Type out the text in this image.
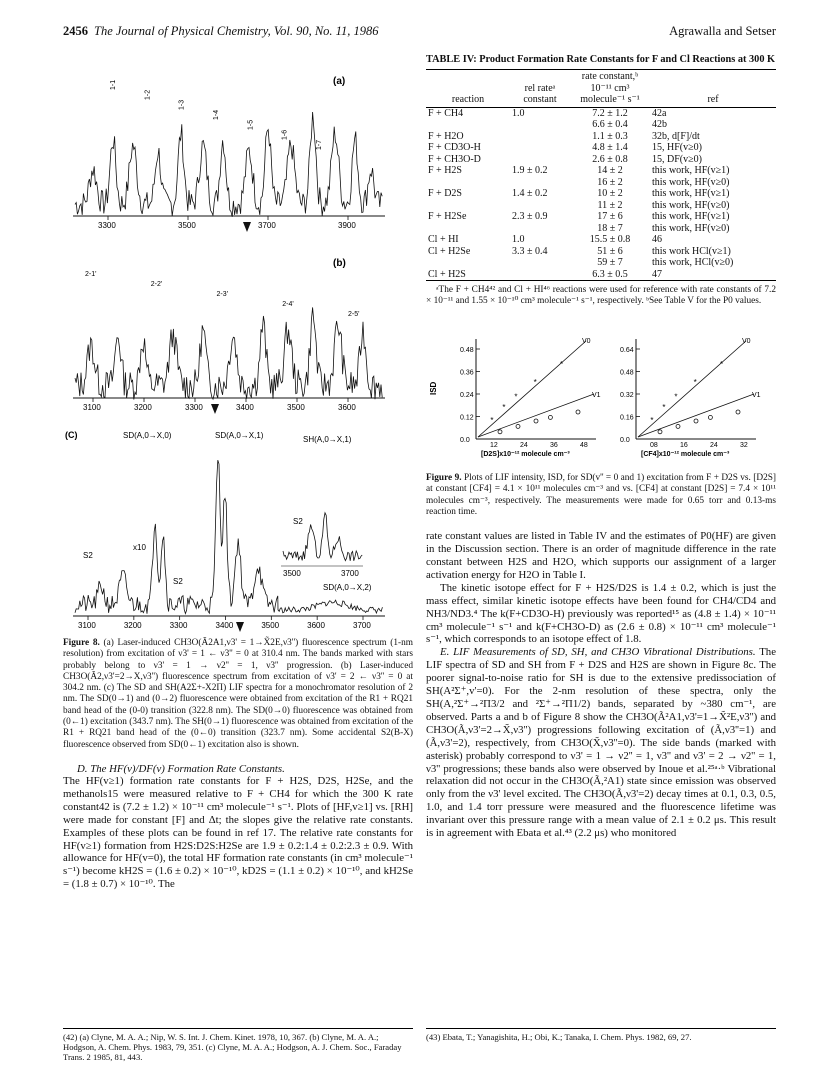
2456 The Journal of Physical Chemistry, Vol. 90, No. 11, 1986	Agrawalla and Setser
(a)
3300	3500	3700	3900
1-1
1-2
1-3
1-4
1-5
1-6
1-7
(b)
3100	3200	3300	3400	3500	3600
2-1'
2-2'
2-3'
2-4'
2-5'
(C)	SD(A,0→X,0)	SD(A,0→X,1)	SH(A,0→X,1)
SD(A,0→X,2)
S2
S2
S2
x10
3500	3700
3100	3200	3300	3400	3500	3600	3700
Figure 8. (a) Laser-induced CH3O(Ã2A1,ν3' = 1→X̃2E,ν3'') fluorescence spectrum (1-nm resolution) from excitation of ν3' = 1 ← ν3'' = 0 at 310.4 nm. The bands marked with stars probably belong to ν3' = 1 → ν2'' = 1, ν3'' progression. (b) Laser-induced CH3O(Ã2,ν3'=2→X,ν3'') fluorescence spectrum from excitation of ν3' = 2 ← ν3'' = 0 at 304.2 nm. (c) The SD and SH(A2Σ+-X2Π) LIF spectra for a monochromator resolution of 2 nm. The SD(0→1) and (0→2) fluorescence were obtained from excitation of the R1 + RQ21 band head of the (0-0) transition (322.8 nm). The SD(0→0) fluorescence was obtained from (0←1) excitation (343.7 nm). The SH(0→1) fluorescence was obtained from excitation of the R1 + RQ21 band head of the (0←0) transition (323.7 nm). Some accidental S2(B-X) fluorescence observed from SD(0←1) excitation also is shown.
D. The HF(v)/DF(v) Formation Rate Constants.
The HF(v≥1) formation rate constants for F + H2S, D2S, H2Se, and the methanols15 were measured relative to F + CH4 for which the 300 K rate constant42 is (7.2 ± 1.2) × 10⁻¹¹ cm³ molecule⁻¹ s⁻¹. Plots of [HF,v≥1] vs. [RH] were made for constant [F] and Δt; the slopes give the relative rate constants. Examples of these plots can be found in ref 17. The relative rate constants for HF(v≥1) formation from H2S:D2S:H2Se are 1.9 ± 0.2:1.4 ± 0.2:2.3 ± 0.9. With allowance for HF(v=0), the total HF formation rate constants (in cm³ molecule⁻¹ s⁻¹) become kH2S = (1.6 ± 0.2) × 10⁻¹⁰, kD2S = (1.1 ± 0.2) × 10⁻¹⁰, and kH2Se = (1.8 ± 0.7) × 10⁻¹⁰. The
TABLE IV: Product Formation Rate Constants for F and Cl Reactions at 300 K
reaction	rel rateᵃ constant	rate constant,ᵇ 10⁻¹¹ cm³ molecule⁻¹ s⁻¹	ref
F + CH4	1.0	7.2 ± 1.2	42a
		6.6 ± 0.4	42b
F + H2O		1.1 ± 0.3	32b, d[F]/dt
F + CD3O-H		4.8 ± 1.4	15, HF(v≥0)
F + CH3O-D		2.6 ± 0.8	15, DF(v≥0)
F + H2S	1.9 ± 0.2	14 ± 2	this work, HF(v≥1)
		16 ± 2	this work, HF(v≥0)
F + D2S	1.4 ± 0.2	10 ± 2	this work, HF(v≥1)
		11 ± 2	this work, HF(v≥0)
F + H2Se	2.3 ± 0.9	17 ± 6	this work, HF(v≥1)
		18 ± 7	this work, HF(v≥0)
Cl + HI	1.0	15.5 ± 0.8	46
Cl + H2Se	3.3 ± 0.4	51 ± 6	this work HCl(v≥1)
		59 ± 7	this work, HCl(v≥0)
Cl + H2S		6.3 ± 0.5	47
ᵃThe F + CH4⁴² and Cl + HI⁴⁶ reactions were used for reference with rate constants of 7.2 × 10⁻¹¹ and 1.55 × 10⁻¹⁰ cm³ molecule⁻¹ s⁻¹, respectively. ᵇSee Table V for the P0 values.
ISD
0.48
0.36
0.24
0.12
0.0
12	24	36	48
[D2S]x10⁻¹² molecule cm⁻³
V0
V1
*
*
*
*
*
0.64
0.48
0.32
0.16
0.0
08	16	24	32
[CF4]x10⁻¹² molecule cm⁻³
V0
V1
*
*
*
*
*
Figure 9. Plots of LIF intensity, ISD, for SD(v'' = 0 and 1) excitation from F + D2S vs. [D2S] at constant [CF4] = 4.1 × 10¹¹ molecules cm⁻³ and vs. [CF4] at constant [D2S] = 7.4 × 10¹¹ molecules cm⁻³, respectively. The measurements were made for 0.65 torr and 0.13-ms reaction time.
rate constant values are listed in Table IV and the estimates of P0(HF) are given in the Discussion section. There is an order of magnitude difference in the rate constant between H2S and H2O, which supports our assignment of a larger activation energy for H2O in Table I.
The kinetic isotope effect for F + H2S/D2S is 1.4 ± 0.2, which is just the mass effect, similar kinetic isotope effects have been found for CH4/CD4 and NH3/ND3.⁴ The k(F+CD3O-H) previously was reported¹⁵ as (4.8 ± 1.4) × 10⁻¹¹ cm³ molecule⁻¹ s⁻¹ and k(F+CH3O-D) as (2.6 ± 0.8) × 10⁻¹¹ cm³ molecule⁻¹ s⁻¹, which corresponds to an isotope effect of 1.8.
E. LIF Measurements of SD, SH, and CH3O Vibrational Distributions. The LIF spectra of SD and SH from F + D2S and H2S are shown in Figure 8c. The poorer signal-to-noise ratio for SH is due to the extensive predissociation of SH(A²Σ⁺,v'=0). For the 2-nm resolution of these spectra, only the SH(A,²Σ⁺→²Π3/2 and ²Σ⁺→²Π1/2) bands, separated by ~380 cm⁻¹, are observed. Parts a and b of Figure 8 show the CH3O(Ã²A1,ν3'=1→X̃²E,ν3'') and CH3O(Ã,ν3'=2→X̃,ν3'') progressions following excitation of (Ã,ν3''=1) and (Ã,ν3'=2), respectively, from CH3O(X̃,ν3''=0). The side bands (marked with asterisk) probably correspond to ν3' = 1 → ν2'' = 1, ν3'' and ν3' = 2 → ν2'' = 1, ν3'' progressions; these bands also were observed by Inoue et al.²⁵ᵃ·ᵇ Vibrational relaxation did not occur in the CH3O(Ã,²A1) state since emission was observed only from the ν3' level excited. The CH3O(Ã,ν3'=2) decay times at 0.1, 0.3, 0.5, 1.0, and 1.4 torr pressure were measured and the fluorescence lifetime was invariant over this pressure range with a mean value of 2.1 ± 0.2 μs. This result is in agreement with Ebata et al.⁴³ (2.2 μs) who monitored
(42) (a) Clyne, M. A. A.; Nip, W. S. Int. J. Chem. Kinet. 1978, 10, 367. (b) Clyne, M. A. A.; Hodgson, A. Chem. Phys. 1983, 79, 351. (c) Clyne, M. A. A.; Hodgson, A. J. Chem. Soc., Faraday Trans. 2 1985, 81, 443.
(43) Ebata, T.; Yanagishita, H.; Obi, K.; Tanaka, I. Chem. Phys. 1982, 69, 27.
